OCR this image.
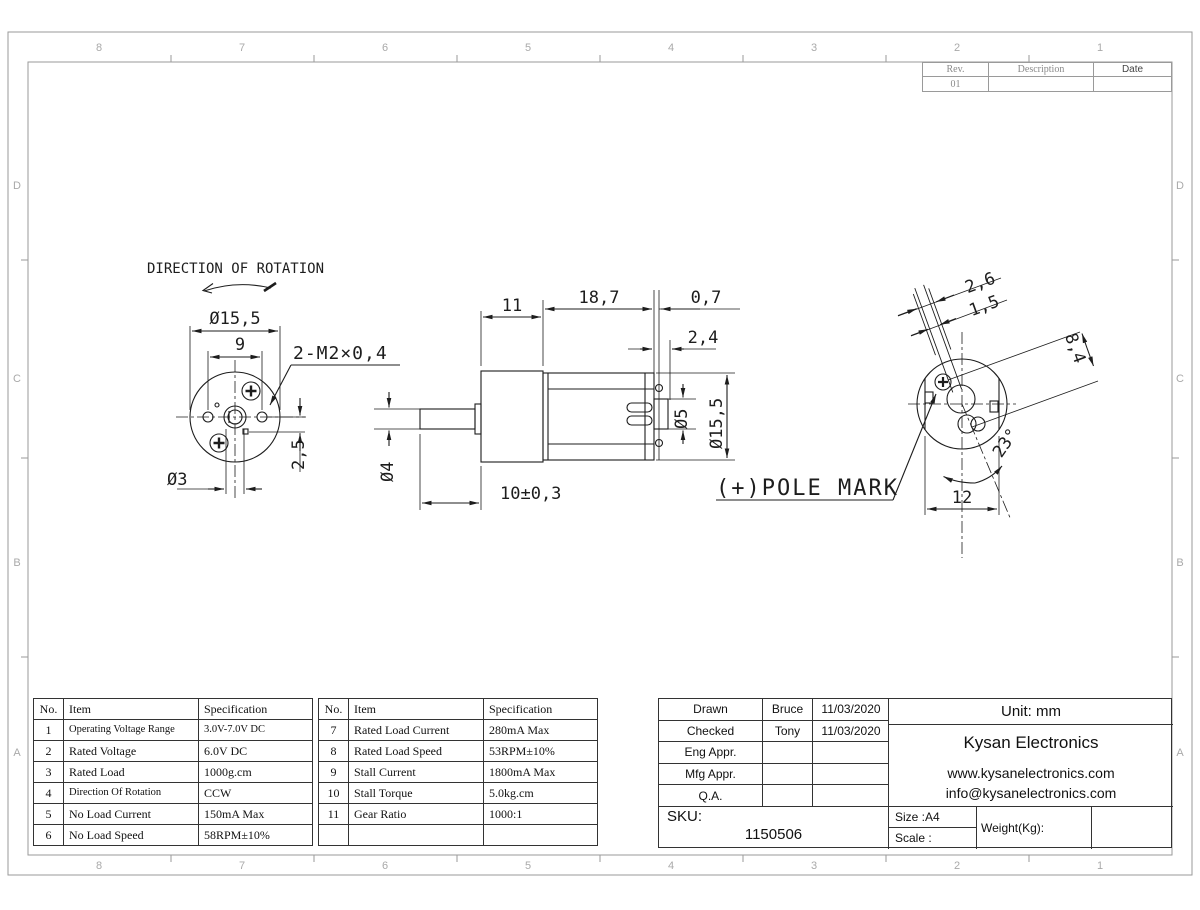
8	7	6	5	4	3	2	1
8	7	6	5	4	3	2	1
D
C
B
A
D
C
B
A
DIRECTION OF ROTATION
Ø15,5
9
2,5
Ø3
2-M2×0,4
11	18,7	0,7
2,4
Ø4
10±0,3
Ø5 Ø15,5
2,6
1,5
8,4
23°
12
(+)POLE MARK
Rev.	Description	Date
01
No. Item	Specification
1	Operating Voltage Range	3.0V-7.0V DC
2	Rated Voltage	6.0V DC
3	Rated Load	1000g.cm
4	Direction Of Rotation	CCW
5	No Load Current	150mA Max
6	No Load Speed	58RPM±10%
No. Item	Specification
7	Rated Load Current	280mA Max
8	Rated Load Speed	53RPM±10%
9	Stall Current	1800mA Max
10	Stall Torque	5.0kg.cm
11	Gear Ratio	1000:1
Drawn	Bruce	11/03/2020
Checked	Tony	11/03/2020
Eng Appr.
Mfg Appr.
Q.A.
SKU:
1150506
Unit: mm
Kysan Electronics
www.kysanelectronics.com
info@kysanelectronics.com
Size :A4
Scale :
Weight(Kg):
